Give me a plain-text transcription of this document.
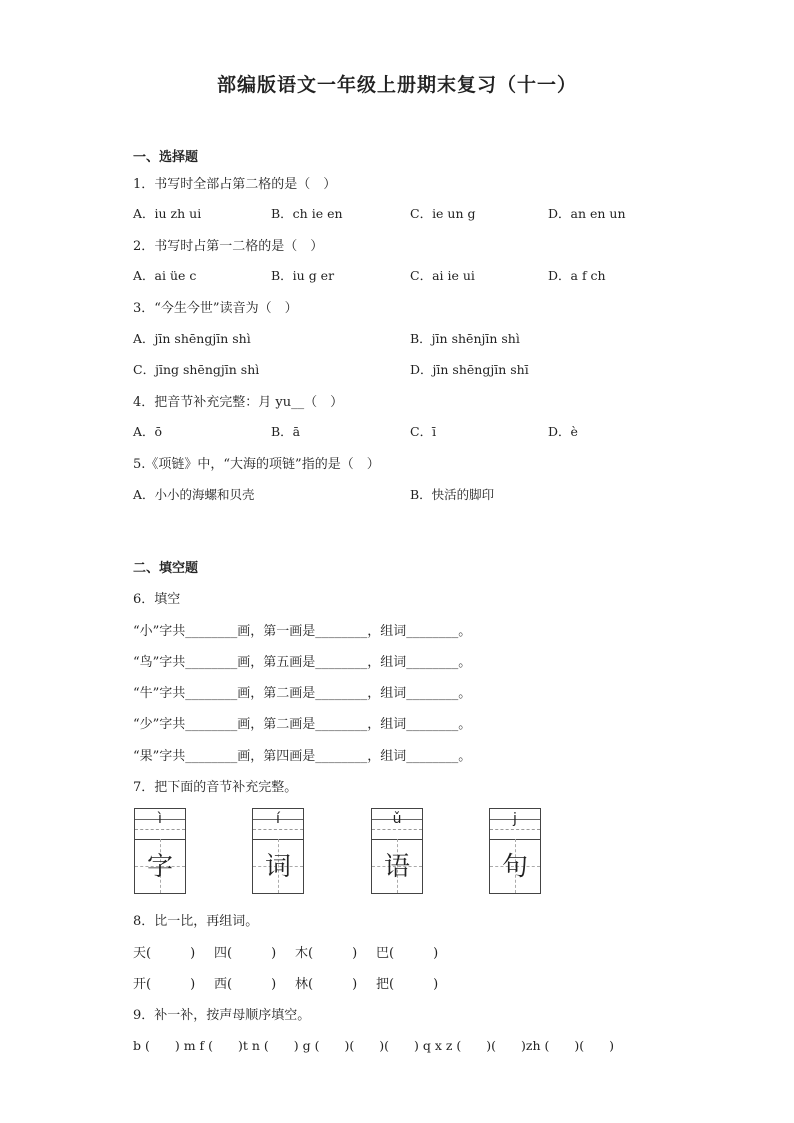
部编版语文一年级上册期末复习（十一）
一、选择题
1．书写时全部占第二格的是（　）
A．iu zh ui	B．ch ie en	C．ie un g	D．an en un
2．书写时占第一二格的是（　）
A．ai üe c	B．iu g er	C．ai ie ui	D．a f ch
3．“今生今世”读音为（　）
A．jīn shēngjīn shì	B．jīn shēnjīn shì
C．jīng shēngjīn shì	D．jīn shēngjīn shī
4．把音节补充完整：月 yu__（　）
A．ō	B．ā	C．ī	D．è
5.《项链》中，“大海的项链”指的是（　）
A．小小的海螺和贝壳	B．快活的脚印
二、填空题
6．填空
“小”字共________画，第一画是________，组词________。
“鸟”字共________画，第五画是________，组词________。
“牛”字共________画，第二画是________，组词________。
“少”字共________画，第二画是________，组词________。
“果”字共________画，第四画是________，组词________。
7．把下面的音节补充完整。
ì
字
í
词
ǔ
语
j
句
8．比一比，再组词。
天(　　　) 四(　　　) 木(　　　) 巴(　　　)
开(　　　) 西(　　　) 林(　　　) 把(　　　)
9．补一补，按声母顺序填空。
b (　　) m f (　　)t n (　　) g (　　)(　　)(　　) q x z (　　)(　　)zh (　　)(　　)
